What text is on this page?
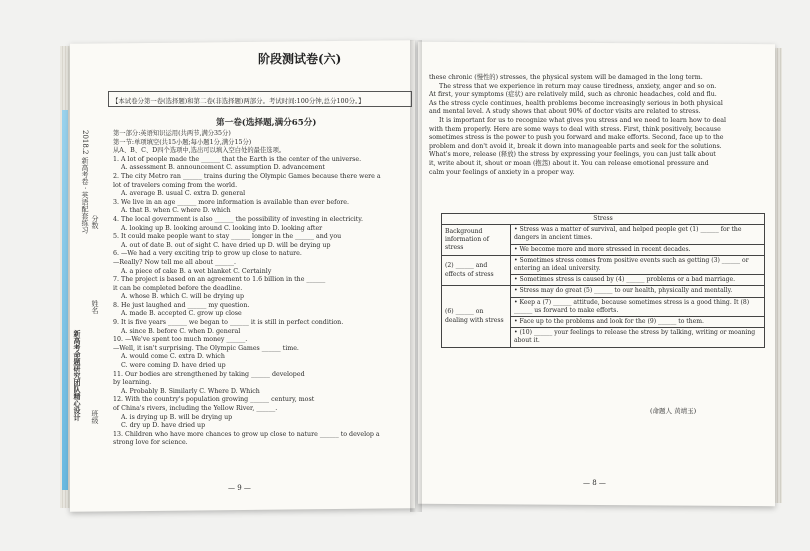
2018.2 新高考卷 · 英语配套练习
新高考命题研究团队精心设计
姓名
班级
分数
阶段测试卷(六)
【本试卷分第一卷(选择题)和第二卷(非选择题)两部分。考试时间:100分钟,总分100分。】
第一卷(选择题,满分65分)
第一部分:英语知识运用(共两节,满分35分)
第一节:单项填空(共15小题;每小题1分,满分15分)
从A、B、C、D四个选项中,选出可以填入空白处的最佳选项。
1. A lot of people made the ______ that the Earth is the center of the universe.
A. assessment B. announcement C. assumption D. advancement
2. The city Metro ran ______ trains during the Olympic Games because there were a
lot of travelers coming from the world.
A. average B. usual C. extra D. general
3. We live in an age ______ more information is available than ever before.
A. that B. when C. where D. which
4. The local government is also ______ the possibility of investing in electricity.
A. looking up B. looking around C. looking into D. looking after
5. It could make people want to stay ______ longer in the ______ and you
A. out of date B. out of sight C. have dried up D. will be drying up
6. —We had a very exciting trip to grow up close to nature.
—Really? Now tell me all about ______.
A. a piece of cake B. a wet blanket C. Certainly
7. The project is based on an agreement to 1.6 billion in the ______
it can be completed before the deadline.
A. whose B. which C. will be drying up
8. He just laughed and ______ my question.
A. made B. accepted C. grow up close
9. It is five years ______ we began to ______ it is still in perfect condition.
A. since B. before C. when D. general
10. —We've spent too much money ______.
—Well, it isn't surprising. The Olympic Games ______ time.
A. would come C. extra D. which
C. were coming D. have dried up
11. Our bodies are strengthened by taking ______ developed
by learning.
A. Probably B. Similarly C. Where D. Which
12. With the country's population growing ______ century, most
of China's rivers, including the Yellow River, ______.
A. is drying up B. will be drying up
C. dry up D. have dried up
13. Children who have more chances to grow up close to nature ______ to develop a
strong love for science.
— 9 —
these chronic (慢性的) stresses, the physical system will be damaged in the long term.
The stress that we experience in return may cause tiredness, anxiety, anger and so on.
At first, your symptoms (症状) are relatively mild, such as chronic headaches, cold and flu.
As the stress cycle continues, health problems become increasingly serious in both physical
and mental level. A study shows that about 90% of doctor visits are related to stress.
It is important for us to recognize what gives you stress and we need to learn how to deal
with them properly. Here are some ways to deal with stress. First, think positively, because
sometimes stress is the power to push you forward and make efforts. Second, face up to the
problem and don't avoid it, break it down into manageable parts and seek for the solutions.
What's more, release (释放) the stress by expressing your feelings, you can just talk about
it, write about it, shout or moan (抱怨) about it. You can release emotional pressure and
calm your feelings of anxiety in a proper way.
Stress	
Background information of stress	• Stress was a matter of survival, and helped people get (1) ______ for the dangers in ancient times.
	• We become more and more stressed in recent decades.
(2) ______ and effects of stress	• Sometimes stress comes from positive events such as getting (3) ______ or entering an ideal university.
	• Sometimes stress is caused by (4) ______ problems or a bad marriage.
(6) ______ on dealing with stress	• Stress may do great (5) ______ to our health, physically and mentally.
	• Keep a (7) ______ attitude, because sometimes stress is a good thing. It (8) ______ us forward to make efforts.
	• Face up to the problems and look for the (9) ______ to them.
	• (10) ______ your feelings to release the stress by talking, writing or moaning about it.
(命题人 黄靖玉)
— 8 —
